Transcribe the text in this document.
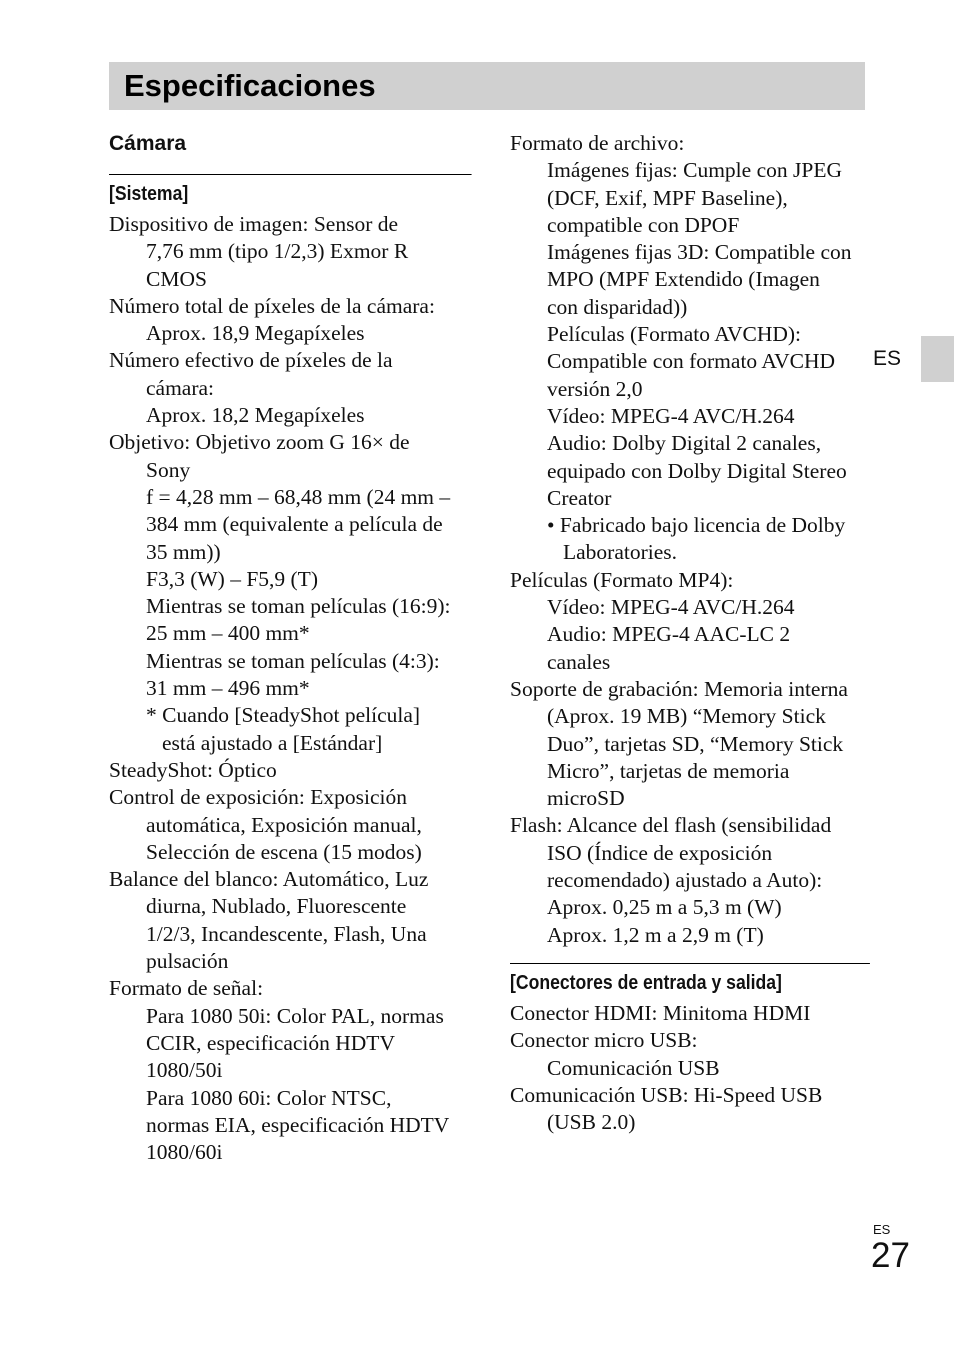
Especificaciones
ES
Cámara
[Sistema]
Dispositivo de imagen: Sensor de
7,76 mm (tipo 1/2,3) Exmor R
CMOS
Número total de píxeles de la cámara:
Aprox. 18,9 Megapíxeles
Número efectivo de píxeles de la
cámara:
Aprox. 18,2 Megapíxeles
Objetivo: Objetivo zoom G 16× de
Sony
f = 4,28 mm – 68,48 mm (24 mm –
384 mm (equivalente a película de
35 mm))
F3,3 (W) – F5,9 (T)
Mientras se toman películas (16:9):
25 mm – 400 mm*
Mientras se toman películas (4:3):
31 mm – 496 mm*
* Cuando [SteadyShot película]
está ajustado a [Estándar]
SteadyShot: Óptico
Control de exposición: Exposición
automática, Exposición manual,
Selección de escena (15 modos)
Balance del blanco: Automático, Luz
diurna, Nublado, Fluorescente
1/2/3, Incandescente, Flash, Una
pulsación
Formato de señal:
Para 1080 50i: Color PAL, normas
CCIR, especificación HDTV
1080/50i
Para 1080 60i: Color NTSC,
normas EIA, especificación HDTV
1080/60i
Formato de archivo:
Imágenes fijas: Cumple con JPEG
(DCF, Exif, MPF Baseline),
compatible con DPOF
Imágenes fijas 3D: Compatible con
MPO (MPF Extendido (Imagen
con disparidad))
Películas (Formato AVCHD):
Compatible con formato AVCHD
versión 2,0
Vídeo: MPEG-4 AVC/H.264
Audio: Dolby Digital 2 canales,
equipado con Dolby Digital Stereo
Creator
• Fabricado bajo licencia de Dolby
Laboratories.
Películas (Formato MP4):
Vídeo: MPEG-4 AVC/H.264
Audio: MPEG-4 AAC-LC 2
canales
Soporte de grabación: Memoria interna
(Aprox. 19 MB) “Memory Stick
Duo”, tarjetas SD, “Memory Stick
Micro”, tarjetas de memoria
microSD
Flash: Alcance del flash (sensibilidad
ISO (Índice de exposición
recomendado) ajustado a Auto):
Aprox. 0,25 m a 5,3 m (W)
Aprox. 1,2 m a 2,9 m (T)
[Conectores de entrada y salida]
Conector HDMI: Minitoma HDMI
Conector micro USB:
Comunicación USB
Comunicación USB: Hi-Speed USB
(USB 2.0)
ES
27
